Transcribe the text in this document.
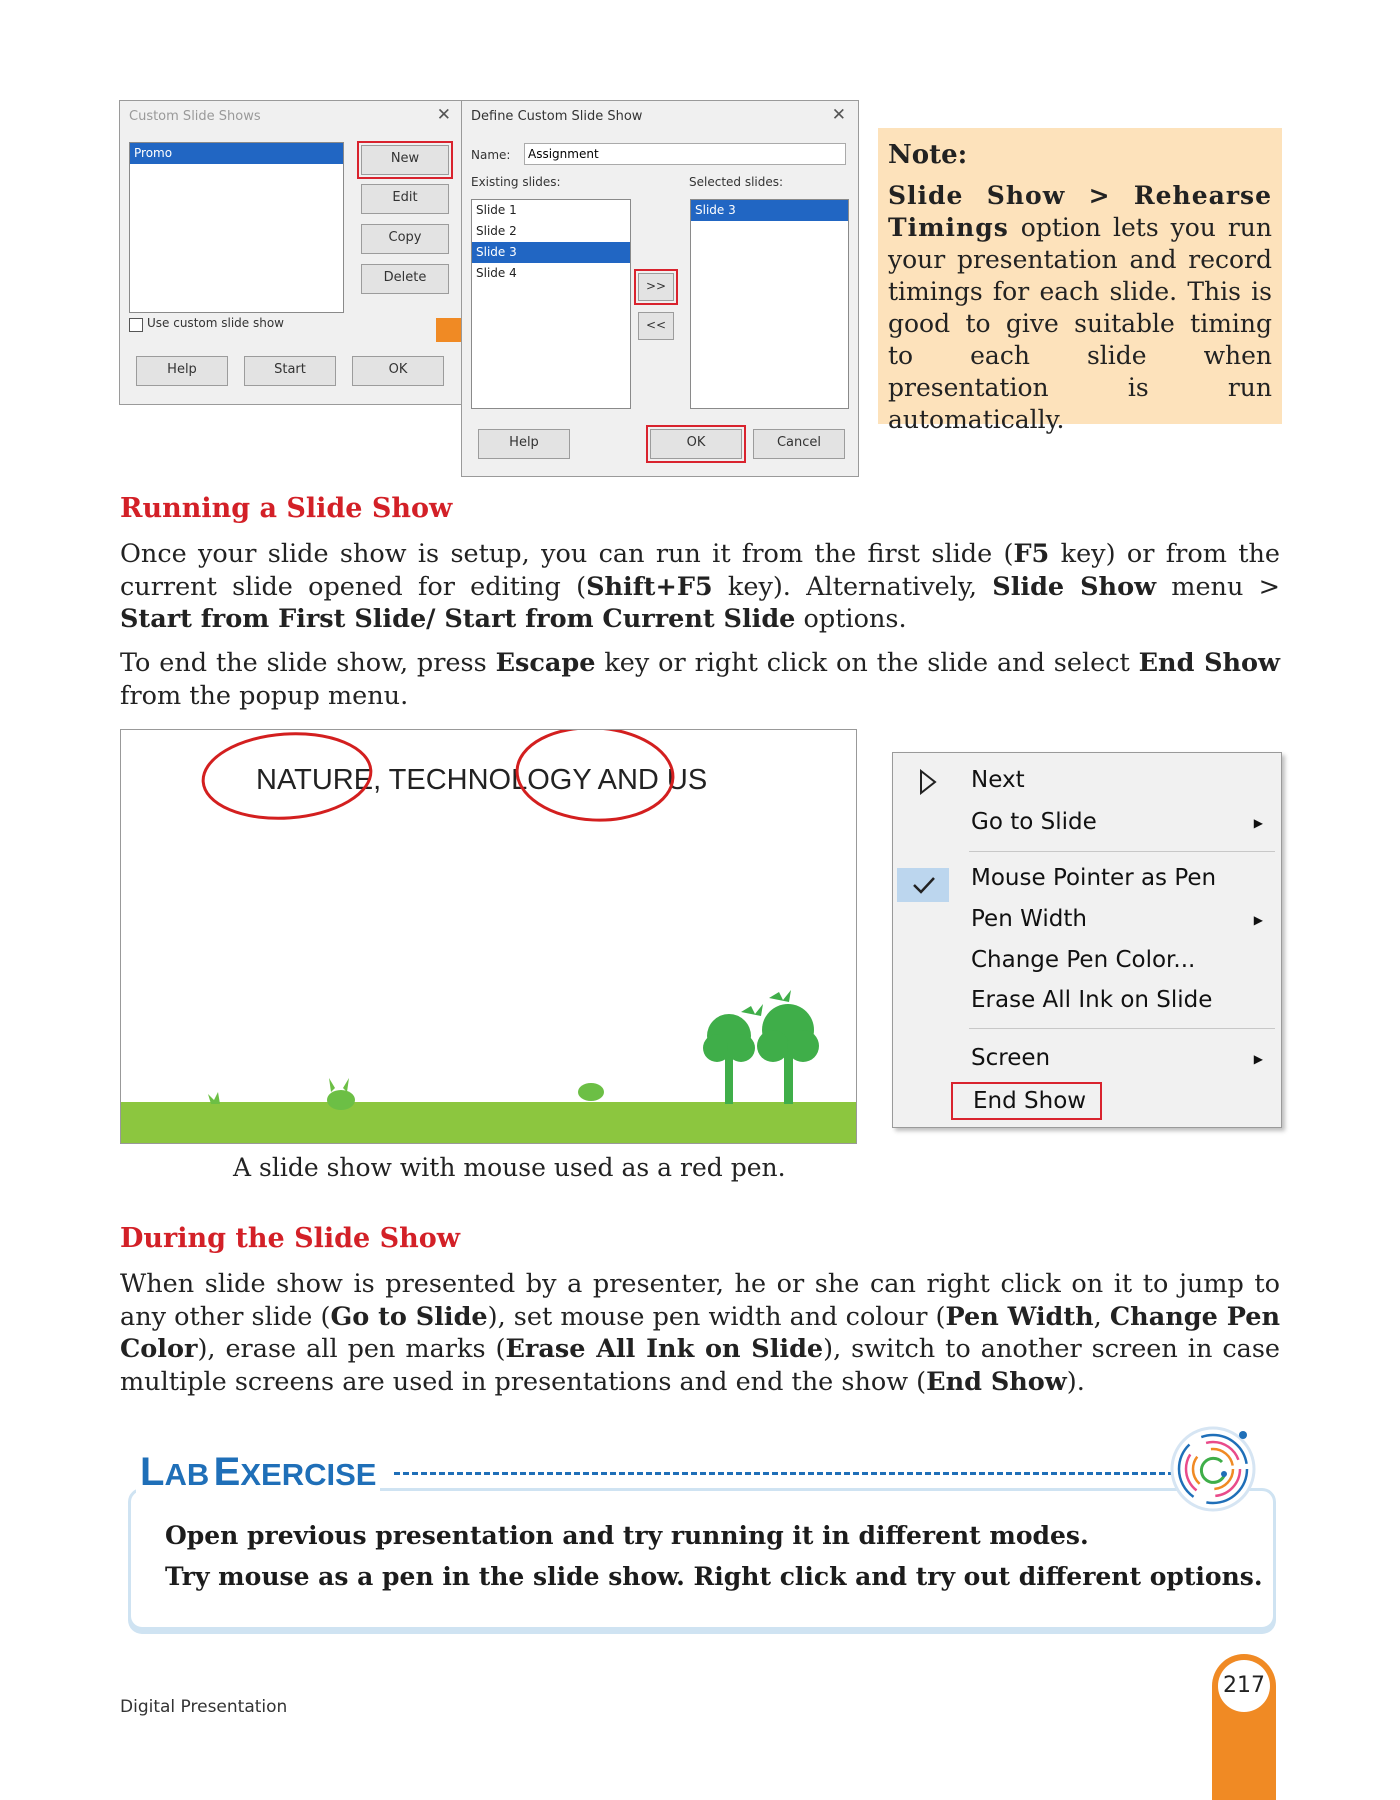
Custom Slide Shows	✕
Promo	New
Edit
Copy
Delete
Use custom slide show
Help	Start	OK
Define Custom Slide Show	✕
Name:
Assignment
Existing slides:	Selected slides:
Slide 1
Slide 2
Slide 3
Slide 4
>>
<<
Slide 3
Help	OK	Cancel
Note:

Slide Show > Rehearse Timings option lets you run your presentation and record timings for each slide. This is good to give suitable timing to each slide when presentation is run automatically.

Running a Slide Show

Once your slide show is setup, you can run it from the first slide (F5 key) or from the current slide opened for editing (Shift+F5 key). Alternatively, Slide Show menu > Start from First Slide/ Start from Current Slide options.

To end the slide show, press Escape key or right click on the slide and select End Show from the popup menu.

NATURE, TECHNOLOGY AND US
A slide show with mouse used as a red pen.
Next
Go to Slide	▶
Mouse Pointer as Pen
Pen Width	▶
Change Pen Color...
Erase All Ink on Slide
Screen	▶
End Show
During the Slide Show

When slide show is presented by a presenter, he or she can right click on it to jump to any other slide (Go to Slide), set mouse pen width and colour (Pen Width, Change Pen Color), erase all pen marks (Erase All Ink on Slide), switch to another screen in case multiple screens are used in presentations and end the show (End Show).

Open previous presentation and try running it in different modes.

Try mouse as a pen in the slide show. Right click and try out different options.

LAB EXERCISE
Digital Presentation
217
